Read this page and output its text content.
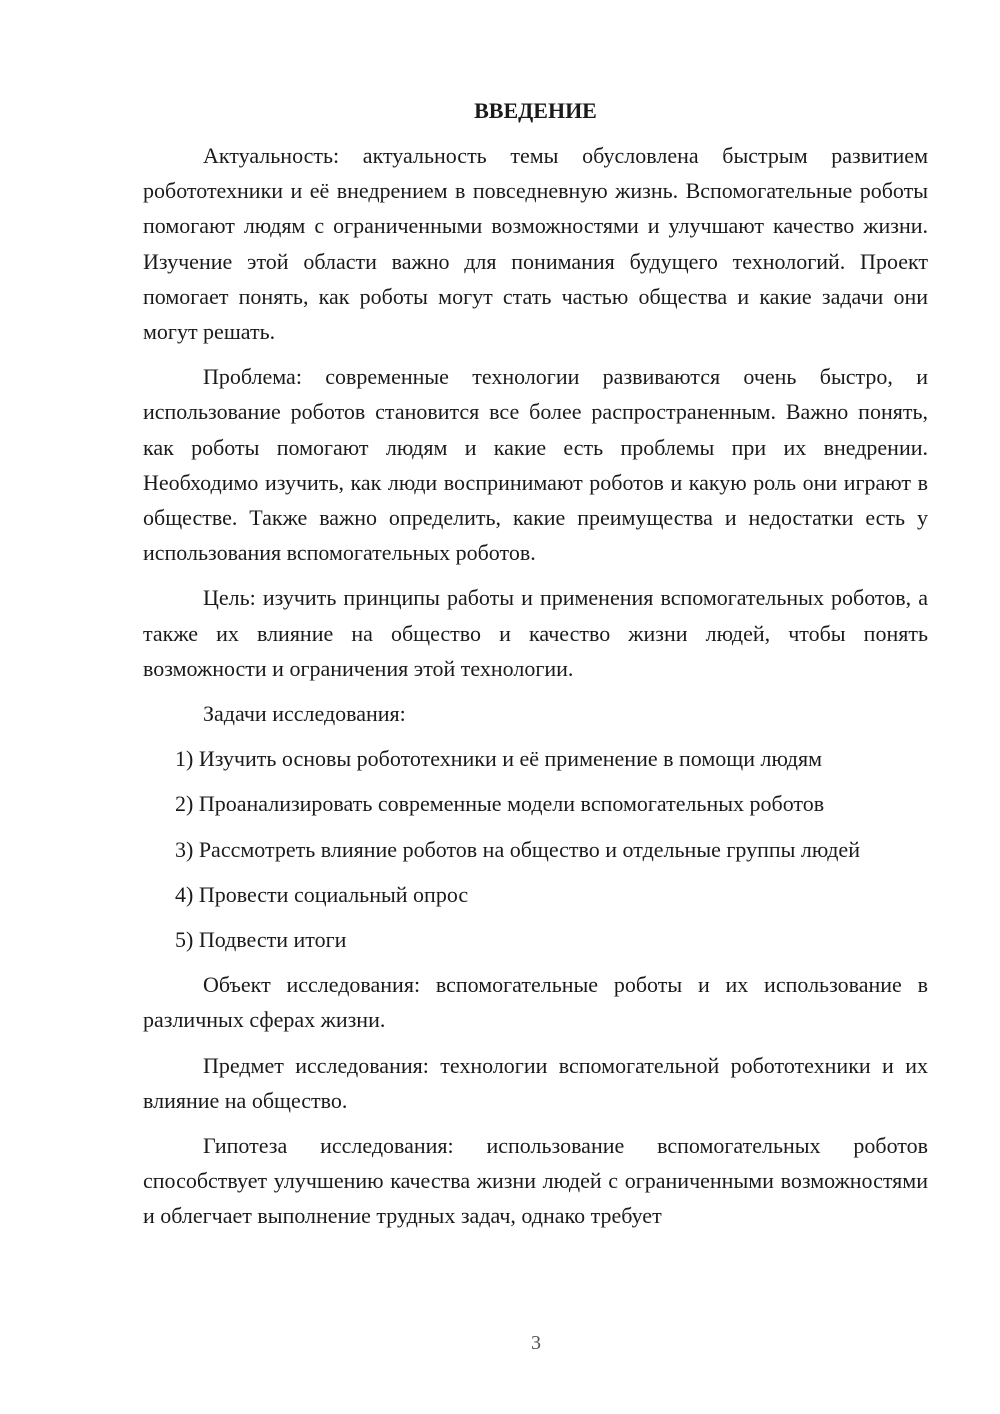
ВВЕДЕНИЕ
Актуальность: актуальность темы обусловлена быстрым развитием робототехники и её внедрением в повседневную жизнь. Вспомогательные роботы помогают людям с ограниченными возможностями и улучшают качество жизни. Изучение этой области важно для понимания будущего технологий. Проект помогает понять, как роботы могут стать частью общества и какие задачи они могут решать.
Проблема: современные технологии развиваются очень быстро, и использование роботов становится все более распространенным. Важно понять, как роботы помогают людям и какие есть проблемы при их внедрении. Необходимо изучить, как люди воспринимают роботов и какую роль они играют в обществе. Также важно определить, какие преимущества и недостатки есть у использования вспомогательных роботов.
Цель: изучить принципы работы и применения вспомогательных роботов, а также их влияние на общество и качество жизни людей, чтобы понять возможности и ограничения этой технологии.
Задачи исследования:
1) Изучить основы робототехники и её применение в помощи людям
2) Проанализировать современные модели вспомогательных роботов
3) Рассмотреть влияние роботов на общество и отдельные группы людей
4) Провести социальный опрос
5) Подвести итоги
Объект исследования: вспомогательные роботы и их использование в различных сферах жизни.
Предмет исследования: технологии вспомогательной робототехники и их влияние на общество.
Гипотеза исследования: использование вспомогательных роботов способствует улучшению качества жизни людей с ограниченными возможностями и облегчает выполнение трудных задач, однако требует
3
